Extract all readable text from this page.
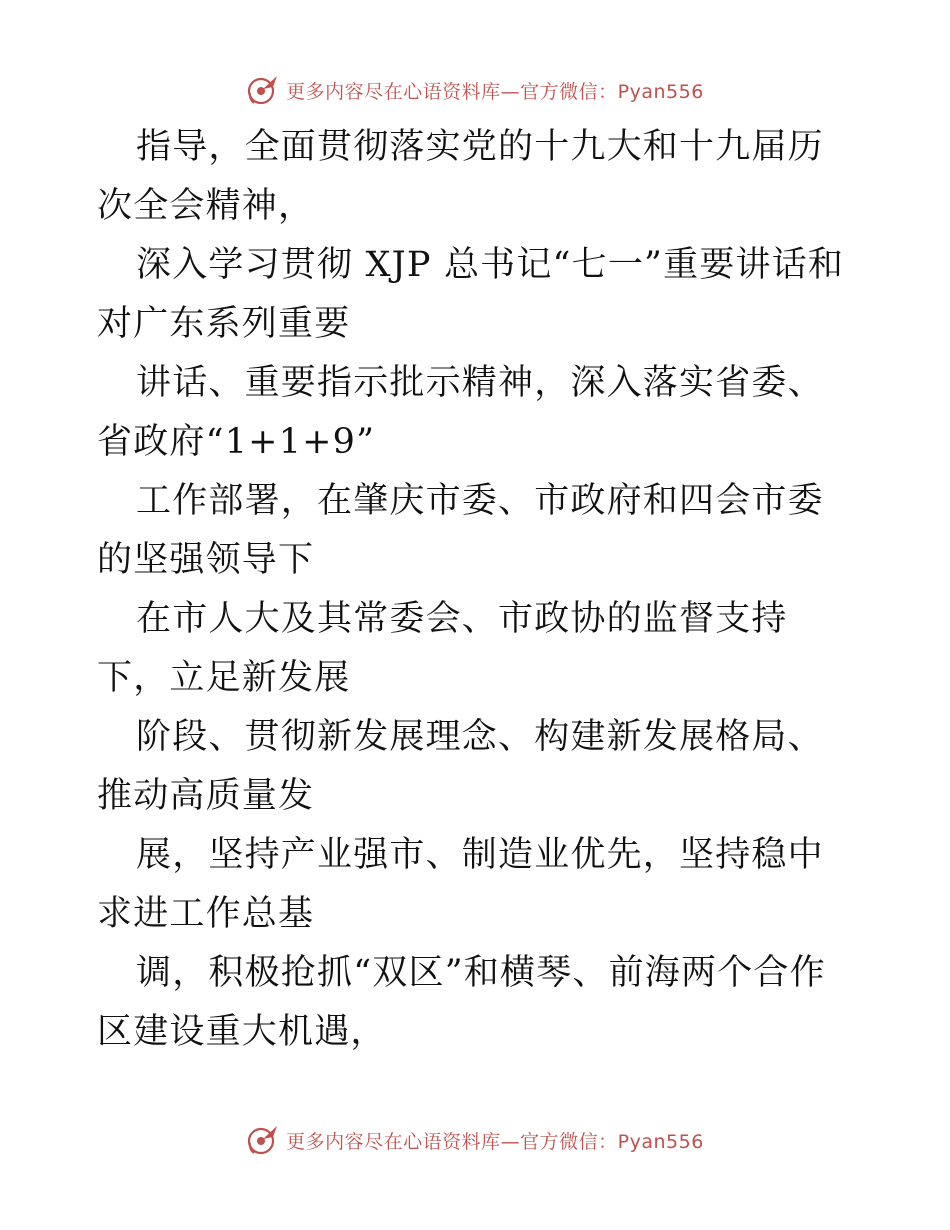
更多内容尽在心语资料库—官方微信：Pyan556

指导，全面贯彻落实党的十九大和十九届历次全会精神，

深入学习贯彻 XJP 总书记“七一”重要讲话和对广东系列重要

讲话、重要指示批示精神，深入落实省委、省政府“1+1+9”

工作部署，在肇庆市委、市政府和四会市委的坚强领导下

在市人大及其常委会、市政协的监督支持下，立足新发展

阶段、贯彻新发展理念、构建新发展格局、推动高质量发

展，坚持产业强市、制造业优先，坚持稳中求进工作总基

调，积极抢抓“双区”和横琴、前海两个合作区建设重大机遇，

更多内容尽在心语资料库—官方微信：Pyan556
